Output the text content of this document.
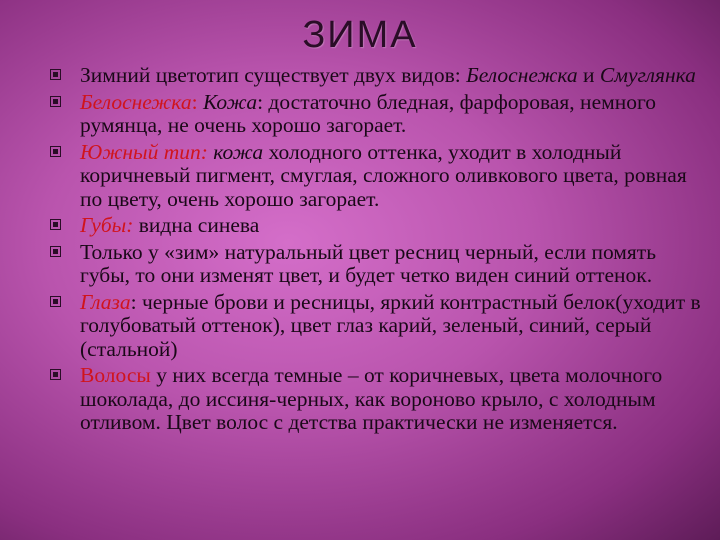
ЗИМА
Зимний цветотип существует двух видов: Белоснежка и Смуглянка
Белоснежка: Кожа: достаточно бледная, фарфоровая, немного румянца, не очень хорошо загорает.
Южный тип: кожа холодного оттенка, уходит в холодный коричневый пигмент, смуглая, сложного оливкового цвета, ровная по цвету, очень хорошо загорает.
Губы: видна синева
Только у «зим» натуральный цвет ресниц черный, если помять губы, то они изменят цвет, и будет четко виден синий оттенок.
Глаза: черные брови и ресницы, яркий контрастный белок(уходит в голубоватый оттенок), цвет глаз карий, зеленый, синий, серый (стальной)
Волосы у них всегда темные – от коричневых, цвета молочного шоколада, до иссиня-черных, как вороново крыло, с холодным отливом. Цвет волос с детства практически не изменяется.
